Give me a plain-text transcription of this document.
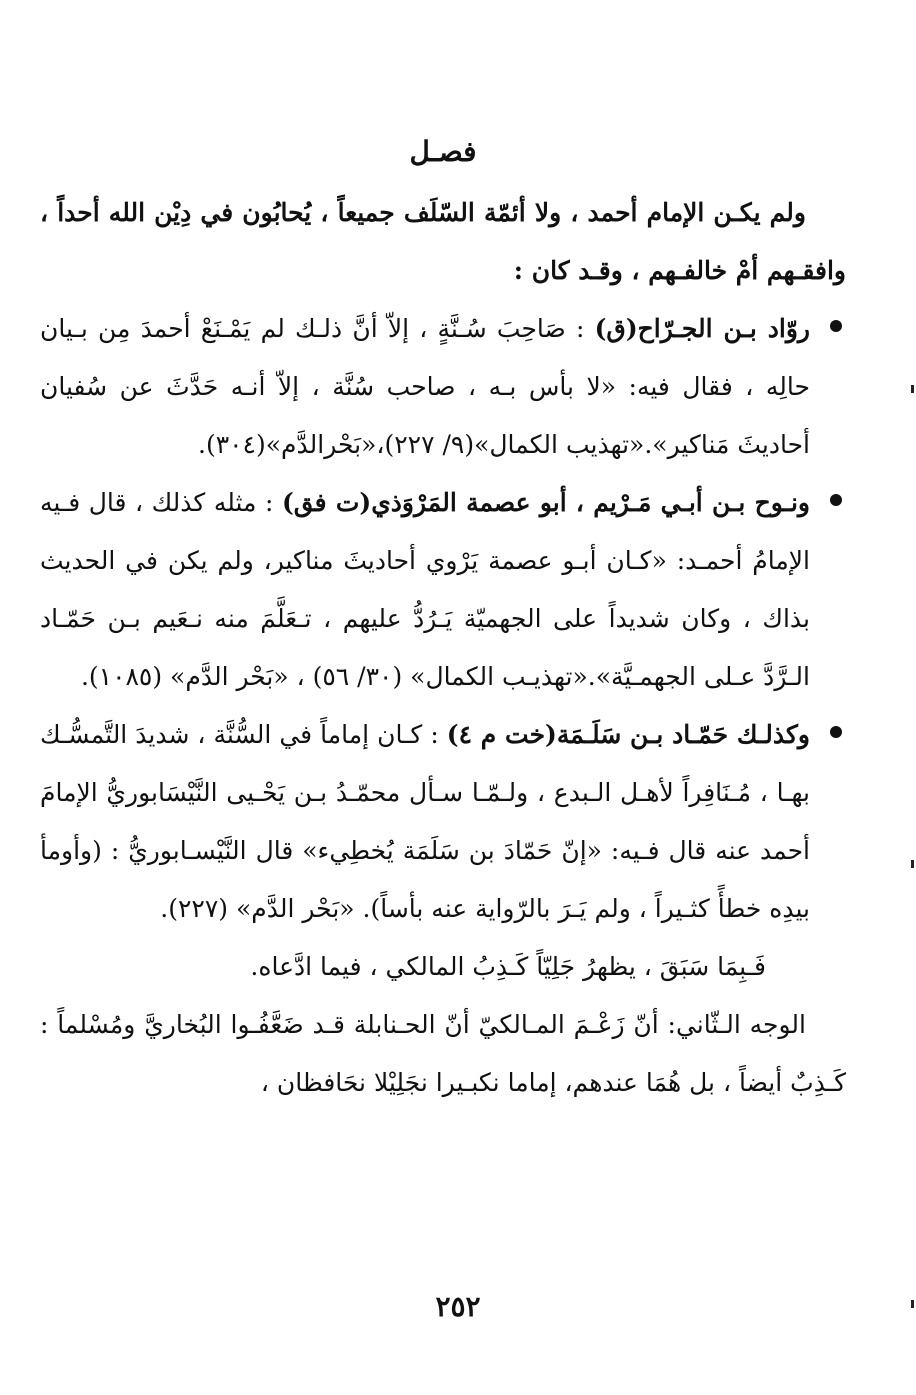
فصـل

ولم يكـن الإمام أحمد ، ولا أئمّة السّلَف جميعاً ، يُحابُون في دِيْن الله أحداً ، وافقـهم أمْ خالفـهم ، وقـد كان :

روّاد بـن الجـرّاح(ق) : صَاحِبَ سُـنَّةٍ ، إلاّ أنَّ ذلـك لم يَمْـنَعْ أحمدَ مِن بـيان حالِه ، فقال فيه: «لا بأس بـه ، صاحب سُنَّة ، إلاّ أنـه حَدَّثَ عن سُفيان أحاديثَ مَناكير».«تهذيب الكمال»(٩/ ٢٢٧)،«بَحْرالدَّم»(٣٠٤).
ونـوح بـن أبـي مَـرْيم ، أبو عصمة المَرْوَذي(ت فق) : مثله كذلك ، قال فـيه الإمامُ أحمـد: «كـان أبـو عصمة يَرْوي أحاديثَ مناكير، ولم يكن في الحديث بذاك ، وكان شديداً على الجهميّة يَـرُدُّ عليهم ، تـعَلَّمَ منه نـعَيم بـن حَمّـاد الـرَّدَّ عـلى الجهمـيَّة».«تهذيـب الكمال» (٣٠/ ٥٦) ، «بَحْر الدَّم» (١٠٨٥).
وكذلـك حَمّـاد بـن سَلَـمَة(خت م ٤) : كـان إماماً في السُّنَّة ، شديدَ التَّمسُّـك بهـا ، مُـنَافِراً لأهـل الـبدع ، ولـمّـا سـأل محمّـدُ بـن يَحْـيى النَّيْسَابوريُّ الإمامَ أحمد عنه قال فـيه: «إنّ حَمّادَ بن سَلَمَة يُخطِيء» قال النَّيْسـابوريُّ : (وأومأ بيدِه خطأً كثـيراً ، ولم يَـرَ بالرّواية عنه بأساً). «بَحْر الدَّم» (٢٢٧).

فَـبِمَا سَبَقَ ، يظهرُ جَلِيّاً كَـذِبُ المالكي ، فيما ادَّعاه.

الوجه الـثّاني: أنّ زَعْـمَ المـالكيّ أنّ الحـنابلة قـد ضَعَّفُـوا البُخاريَّ ومُسْلماً : كَـذِبٌ أيضاً ، بل هُمَا عندهم، إماما نكبـيرا نجَلِيْلا نحَافظان ،

٢٥٢
